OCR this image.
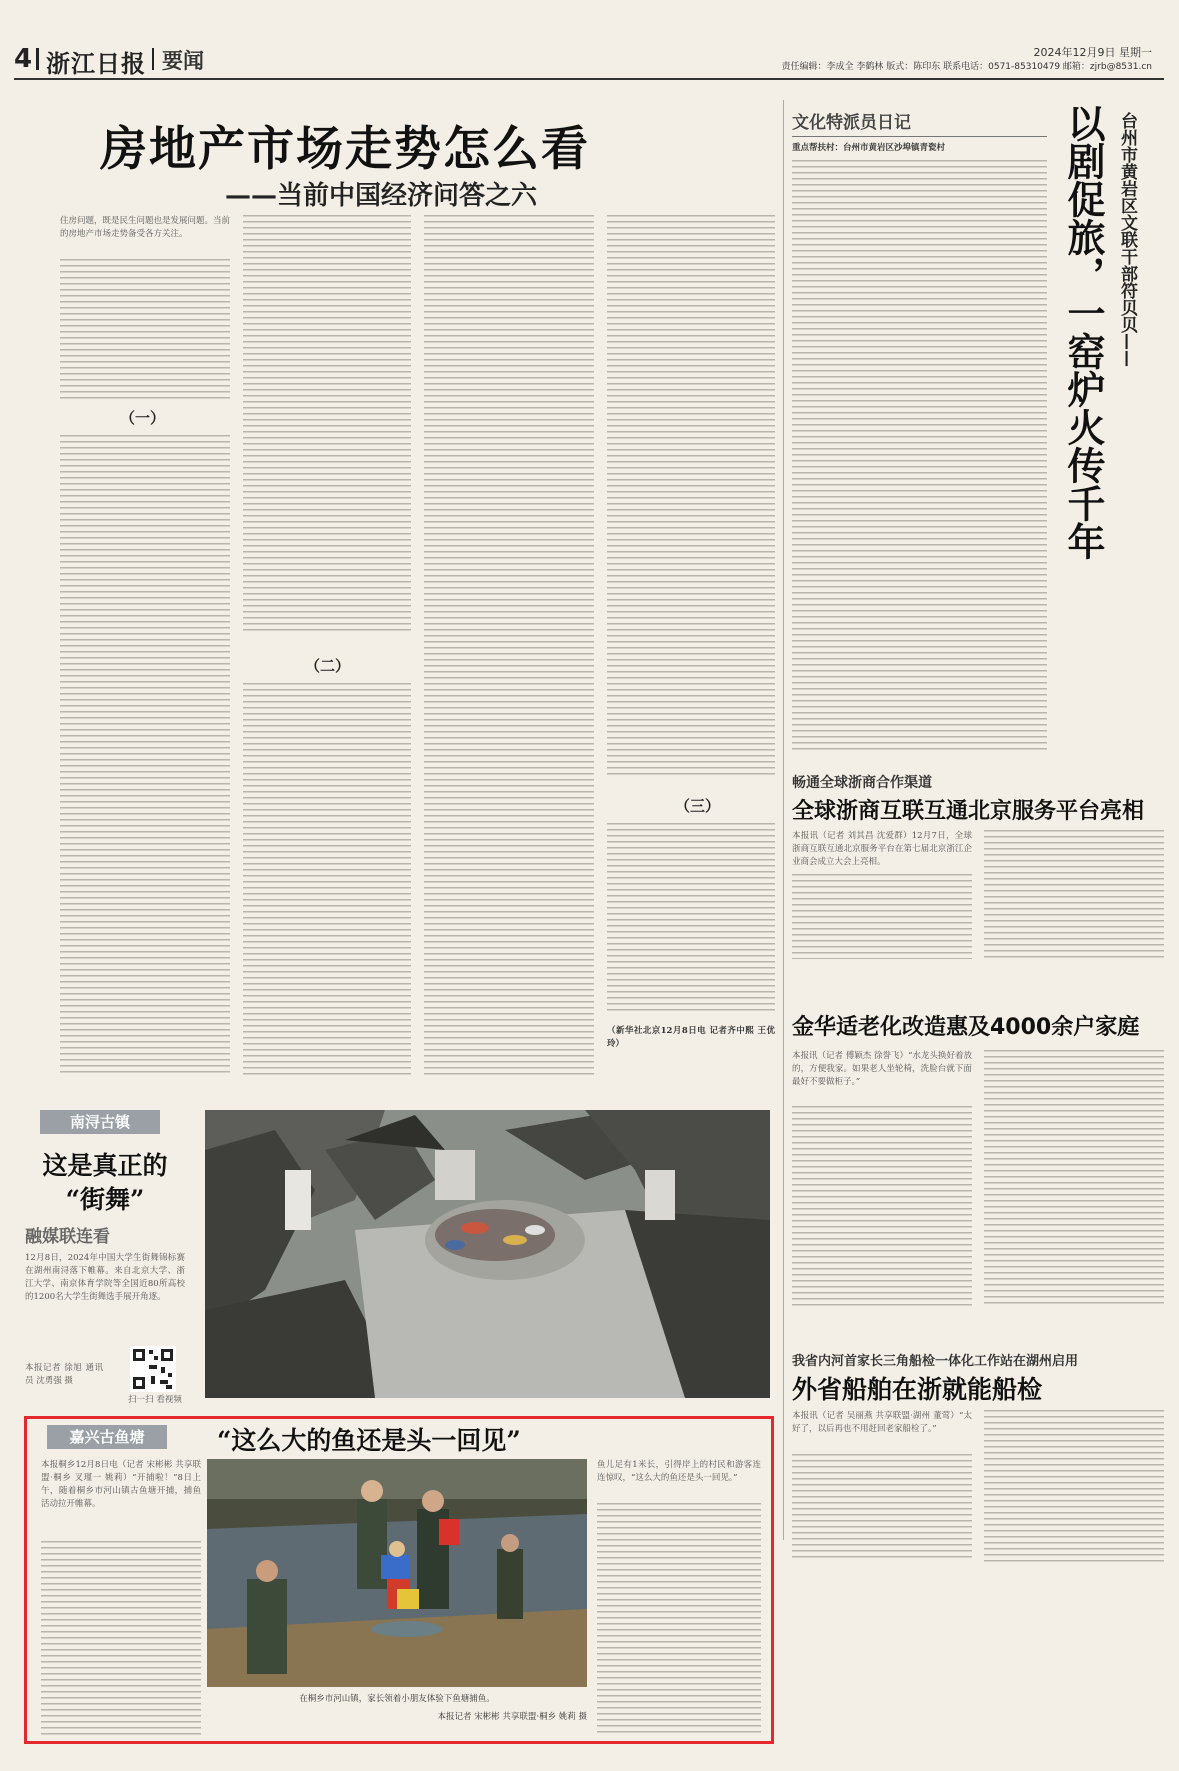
4 浙江日报 要闻	2024年12月9日 星期一
责任编辑：李成全 李鹤林 版式：陈印东 联系电话：0571-85310479 邮箱：zjrb@8531.cn
房地产市场走势怎么看
——当前中国经济问答之六
住房问题，既是民生问题也是发展问题。当前的房地产市场走势备受各方关注。
（一）
（二）
（三）
（新华社北京12月8日电 记者齐中熙 王优玲）
文化特派员日记
重点帮扶村：台州市黄岩区沙埠镇青瓷村	以剧促旅，一窑炉火传千年 台州市黄岩区文联干部符贝贝——
畅通全球浙商合作渠道
全球浙商互联互通北京服务平台亮相
本报讯（记者 刘其昌 沈爱群）12月7日，全球浙商互联互通北京服务平台在第七届北京浙江企业商会成立大会上亮相。
金华适老化改造惠及4000余户家庭
本报讯（记者 傅颖杰 徐誉飞）“水龙头换好着放的，方便我家。如果老人坐轮椅，洗脸台就下面最好不要做柜子。”
我省内河首家长三角船检一体化工作站在湖州启用
外省船舶在浙就能船检
本报讯（记者 吴丽燕 共享联盟·湖州 董莺）“太好了，以后再也不用赶回老家船检了。”
南浔古镇
这是真正的
“街舞”
融媒联连看
12月8日，2024年中国大学生街舞锦标赛在湖州南浔落下帷幕。来自北京大学、浙江大学、南京体育学院等全国近80所高校的1200名大学生街舞选手展开角逐。
本报记者 徐旭 通讯员 沈勇强 摄
扫一扫 看视频
嘉兴古鱼塘	“这么大的鱼还是头一回见”
本报桐乡12月8日电（记者 宋彬彬 共享联盟·桐乡 叉瑾一 姚莉）“开捕啦！”8日上午，随着桐乡市河山镇古鱼塘开捕，捕鱼活动拉开帷幕。
在桐乡市河山镇，家长领着小朋友体验下鱼塘捕鱼。
本报记者 宋彬彬 共享联盟·桐乡 姚莉 摄
鱼儿足有1米长，引得岸上的村民和游客连连惊叹，“这么大的鱼还是头一回见。”
